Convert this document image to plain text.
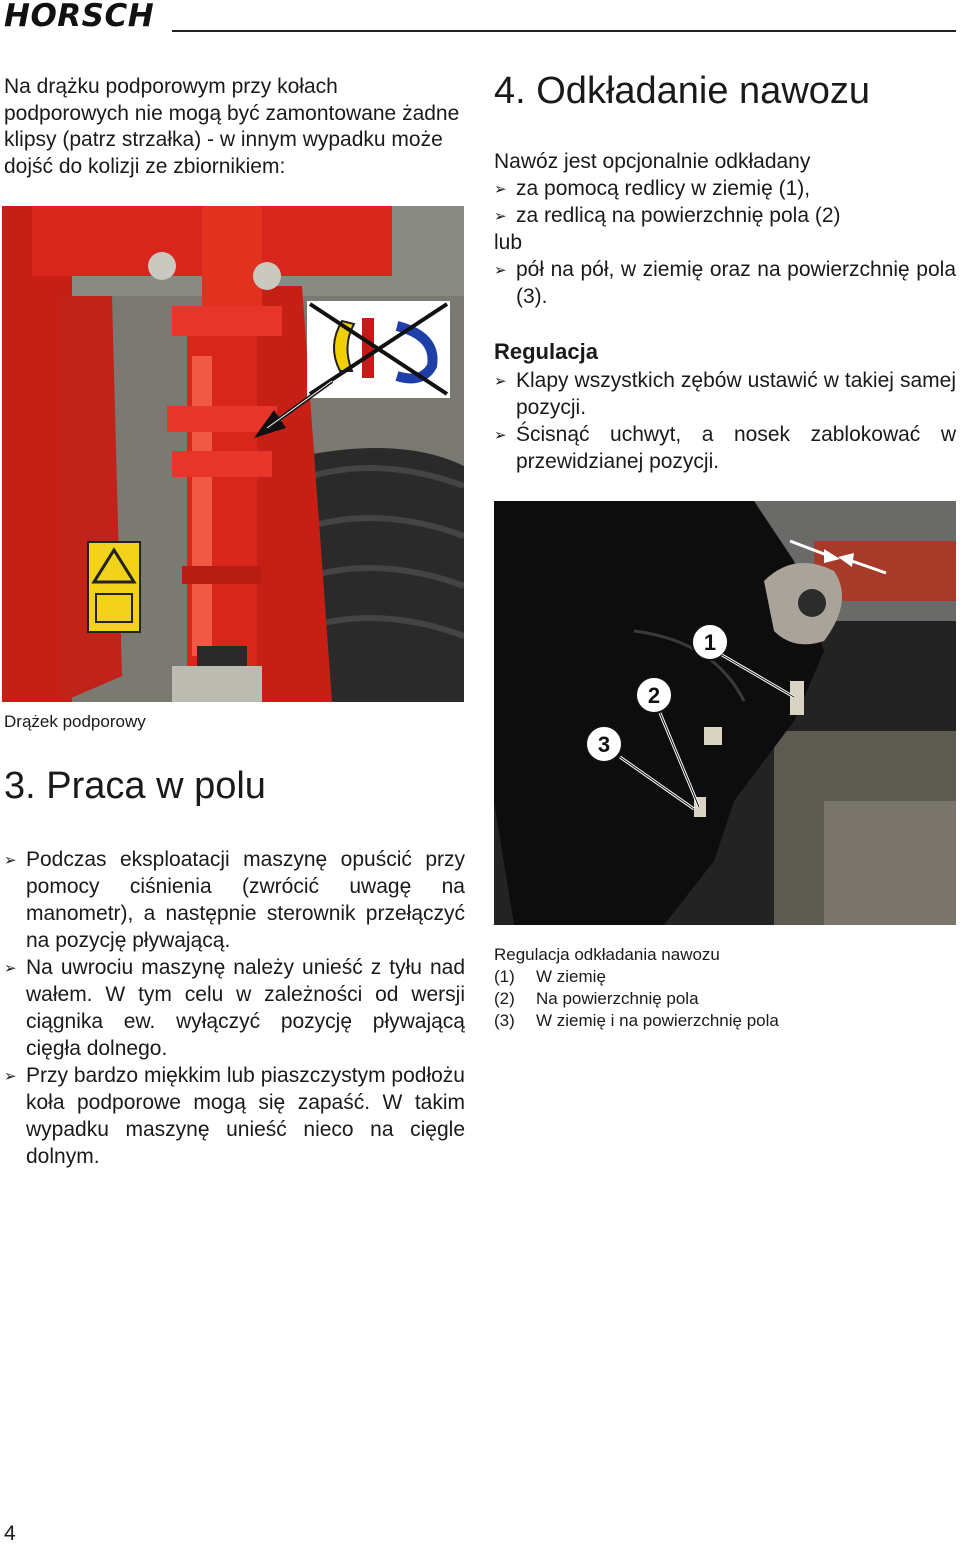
HORSCH
Na drążku podporowym przy kołach podporowych nie mogą być zamontowane żadne klipsy (patrz strzałka) - w innym wypadku może dojść do kolizji ze zbiornikiem:
Drążek podporowy
3. Praca w polu
➢ Podczas eksploatacji maszynę opuścić przy pomocy ciśnienia (zwrócić uwagę na manometr), a następnie sterownik przełączyć na pozycję pływającą.
➢ Na uwrociu maszynę należy unieść z tyłu nad wałem. W tym celu w zależności od wersji ciągnika ew. wyłączyć pozycję pływającą cięgła dolnego.
➢ Przy bardzo miękkim lub piaszczystym podłożu koła podporowe mogą się zapaść. W takim wypadku maszynę unieść nieco na cięgle dolnym.
4. Odkładanie nawozu
Nawóz jest opcjonalnie odkładany
➢ za pomocą redlicy w ziemię (1),
➢ za redlicą na powierzchnię pola (2)
lub
➢ pół na pół, w ziemię oraz na powierzchnię pola (3).
Regulacja
➢ Klapy wszystkich zębów ustawić w takiej samej pozycji.
➢ Ścisnąć uchwyt, a nosek zablokować w przewidzianej pozycji.
1
2
3
Regulacja odkładania nawozu
(1)	W ziemię
(2)	Na powierzchnię pola
(3)	W ziemię i na powierzchnię pola
4
